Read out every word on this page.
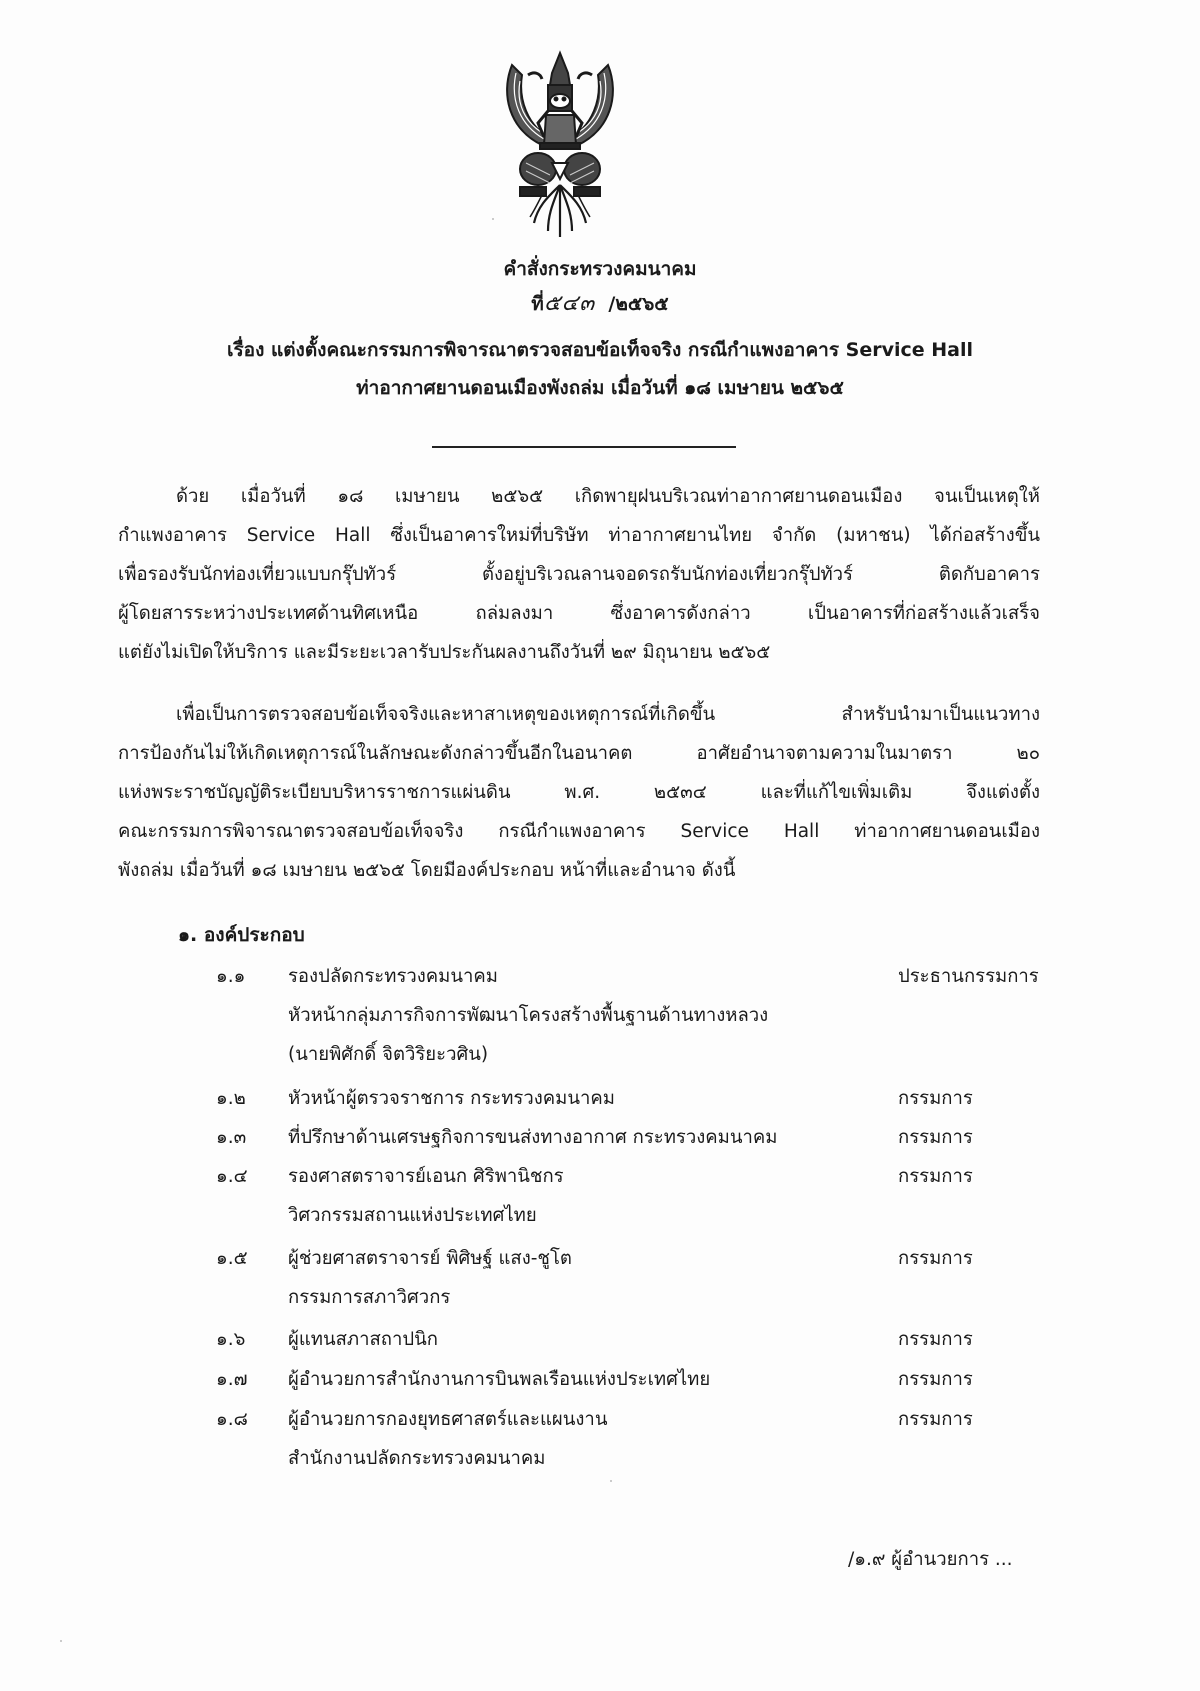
คำสั่งกระทรวงคมนาคม
ที่๕๔๓ /๒๕๖๕
เรื่อง แต่งตั้งคณะกรรมการพิจารณาตรวจสอบข้อเท็จจริง กรณีกำแพงอาคาร Service Hall
ท่าอากาศยานดอนเมืองพังถล่ม เมื่อวันที่ ๑๘ เมษายน ๒๕๖๕
ด้วย เมื่อวันที่ ๑๘ เมษายน ๒๕๖๕ เกิดพายุฝนบริเวณท่าอากาศยานดอนเมือง จนเป็นเหตุให้
กำแพงอาคาร Service Hall ซึ่งเป็นอาคารใหม่ที่บริษัท ท่าอากาศยานไทย จำกัด (มหาชน) ได้ก่อสร้างขึ้น
เพื่อรองรับนักท่องเที่ยวแบบกรุ๊ปทัวร์ ตั้งอยู่บริเวณลานจอดรถรับนักท่องเที่ยวกรุ๊ปทัวร์ ติดกับอาคาร
ผู้โดยสารระหว่างประเทศด้านทิศเหนือ ถล่มลงมา ซึ่งอาคารดังกล่าว เป็นอาคารที่ก่อสร้างแล้วเสร็จ
แต่ยังไม่เปิดให้บริการ และมีระยะเวลารับประกันผลงานถึงวันที่ ๒๙ มิถุนายน ๒๕๖๕
เพื่อเป็นการตรวจสอบข้อเท็จจริงและหาสาเหตุของเหตุการณ์ที่เกิดขึ้น สำหรับนำมาเป็นแนวทาง
การป้องกันไม่ให้เกิดเหตุการณ์ในลักษณะดังกล่าวขึ้นอีกในอนาคต อาศัยอำนาจตามความในมาตรา ๒๐
แห่งพระราชบัญญัติระเบียบบริหารราชการแผ่นดิน พ.ศ. ๒๕๓๔ และที่แก้ไขเพิ่มเติม จึงแต่งตั้ง
คณะกรรมการพิจารณาตรวจสอบข้อเท็จจริง กรณีกำแพงอาคาร Service Hall ท่าอากาศยานดอนเมือง
พังถล่ม เมื่อวันที่ ๑๘ เมษายน ๒๕๖๕ โดยมีองค์ประกอบ หน้าที่และอำนาจ ดังนี้
๑. องค์ประกอบ
๑.๑ รองปลัดกระทรวงคมนาคม	ประธานกรรมการ
หัวหน้ากลุ่มภารกิจการพัฒนาโครงสร้างพื้นฐานด้านทางหลวง
(นายพิศักดิ์ จิตวิริยะวศิน)
๑.๒ หัวหน้าผู้ตรวจราชการ กระทรวงคมนาคม	กรรมการ
๑.๓ ที่ปรึกษาด้านเศรษฐกิจการขนส่งทางอากาศ กระทรวงคมนาคม	กรรมการ
๑.๔ รองศาสตราจารย์เอนก ศิริพานิชกร	กรรมการ
วิศวกรรมสถานแห่งประเทศไทย
๑.๕ ผู้ช่วยศาสตราจารย์ พิศิษฐ์ แสง-ชูโต	กรรมการ
กรรมการสภาวิศวกร
๑.๖ ผู้แทนสภาสถาปนิก	กรรมการ
๑.๗ ผู้อำนวยการสำนักงานการบินพลเรือนแห่งประเทศไทย	กรรมการ
๑.๘ ผู้อำนวยการกองยุทธศาสตร์และแผนงาน	กรรมการ
สำนักงานปลัดกระทรวงคมนาคม
/๑.๙ ผู้อำนวยการ ...
